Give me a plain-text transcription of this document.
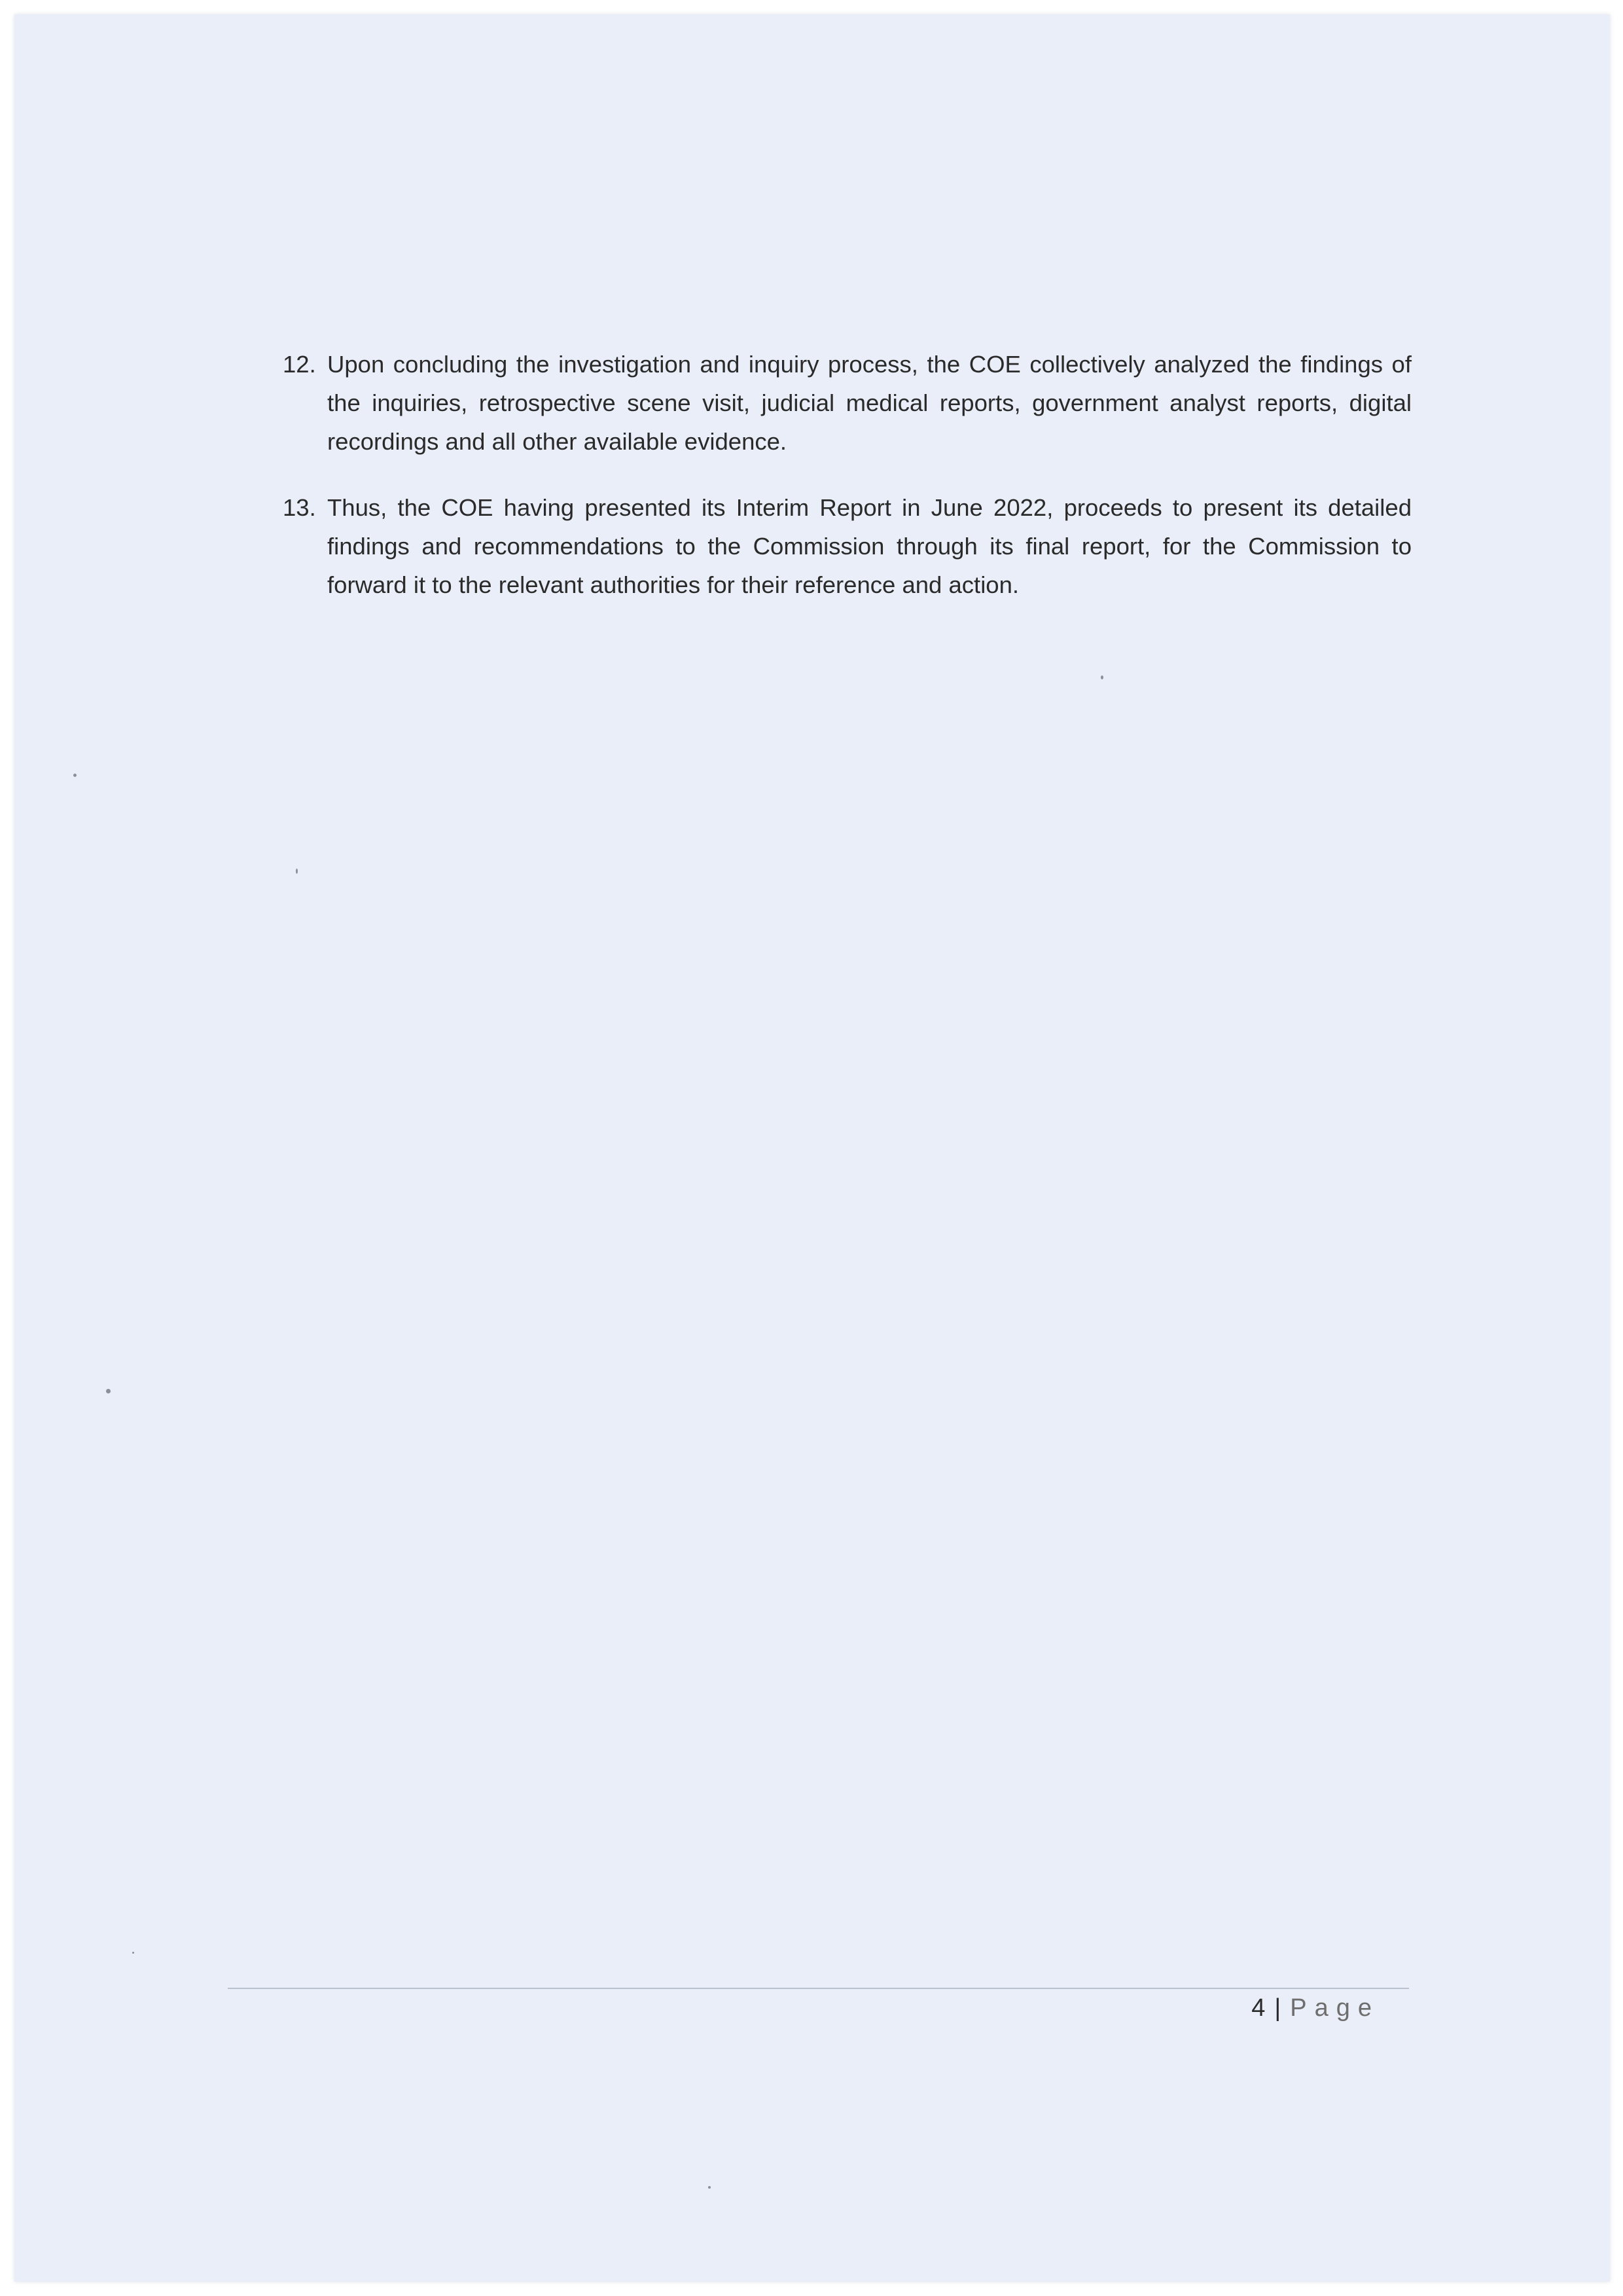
12. Upon concluding the investigation and inquiry process, the COE collectively analyzed the findings of the inquiries, retrospective scene visit, judicial medical reports, government analyst reports, digital recordings and all other available evidence.
13. Thus, the COE having presented its Interim Report in June 2022, proceeds to present its detailed findings and recommendations to the Commission through its final report, for the Commission to forward it to the relevant authorities for their reference and action.
4 | Page
